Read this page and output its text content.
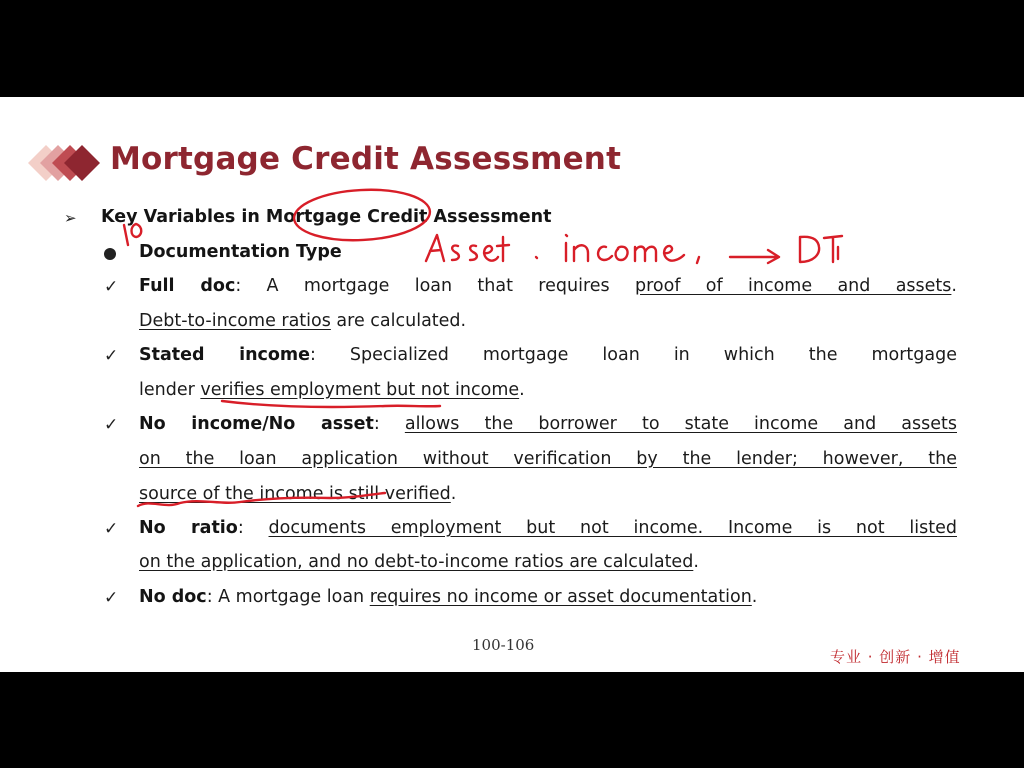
Mortgage Credit Assessment
➢ Key Variables in Mortgage Credit Assessment
Documentation Type
✓ Full doc: A mortgage loan that requires proof of income and assets.
Debt-to-income ratios are calculated.
✓ Stated income: Specialized mortgage loan in which the mortgage
lender verifies employment but not income.
✓ No income/No asset: allows the borrower to state income and assets
on the loan application without verification by the lender; however, the
source of the income is still verified.
✓ No ratio: documents employment but not income. Income is not listed
on the application, and no debt-to-income ratios are calculated.
✓ No doc: A mortgage loan requires no income or asset documentation.
100-106
专业 · 创新 · 增值
